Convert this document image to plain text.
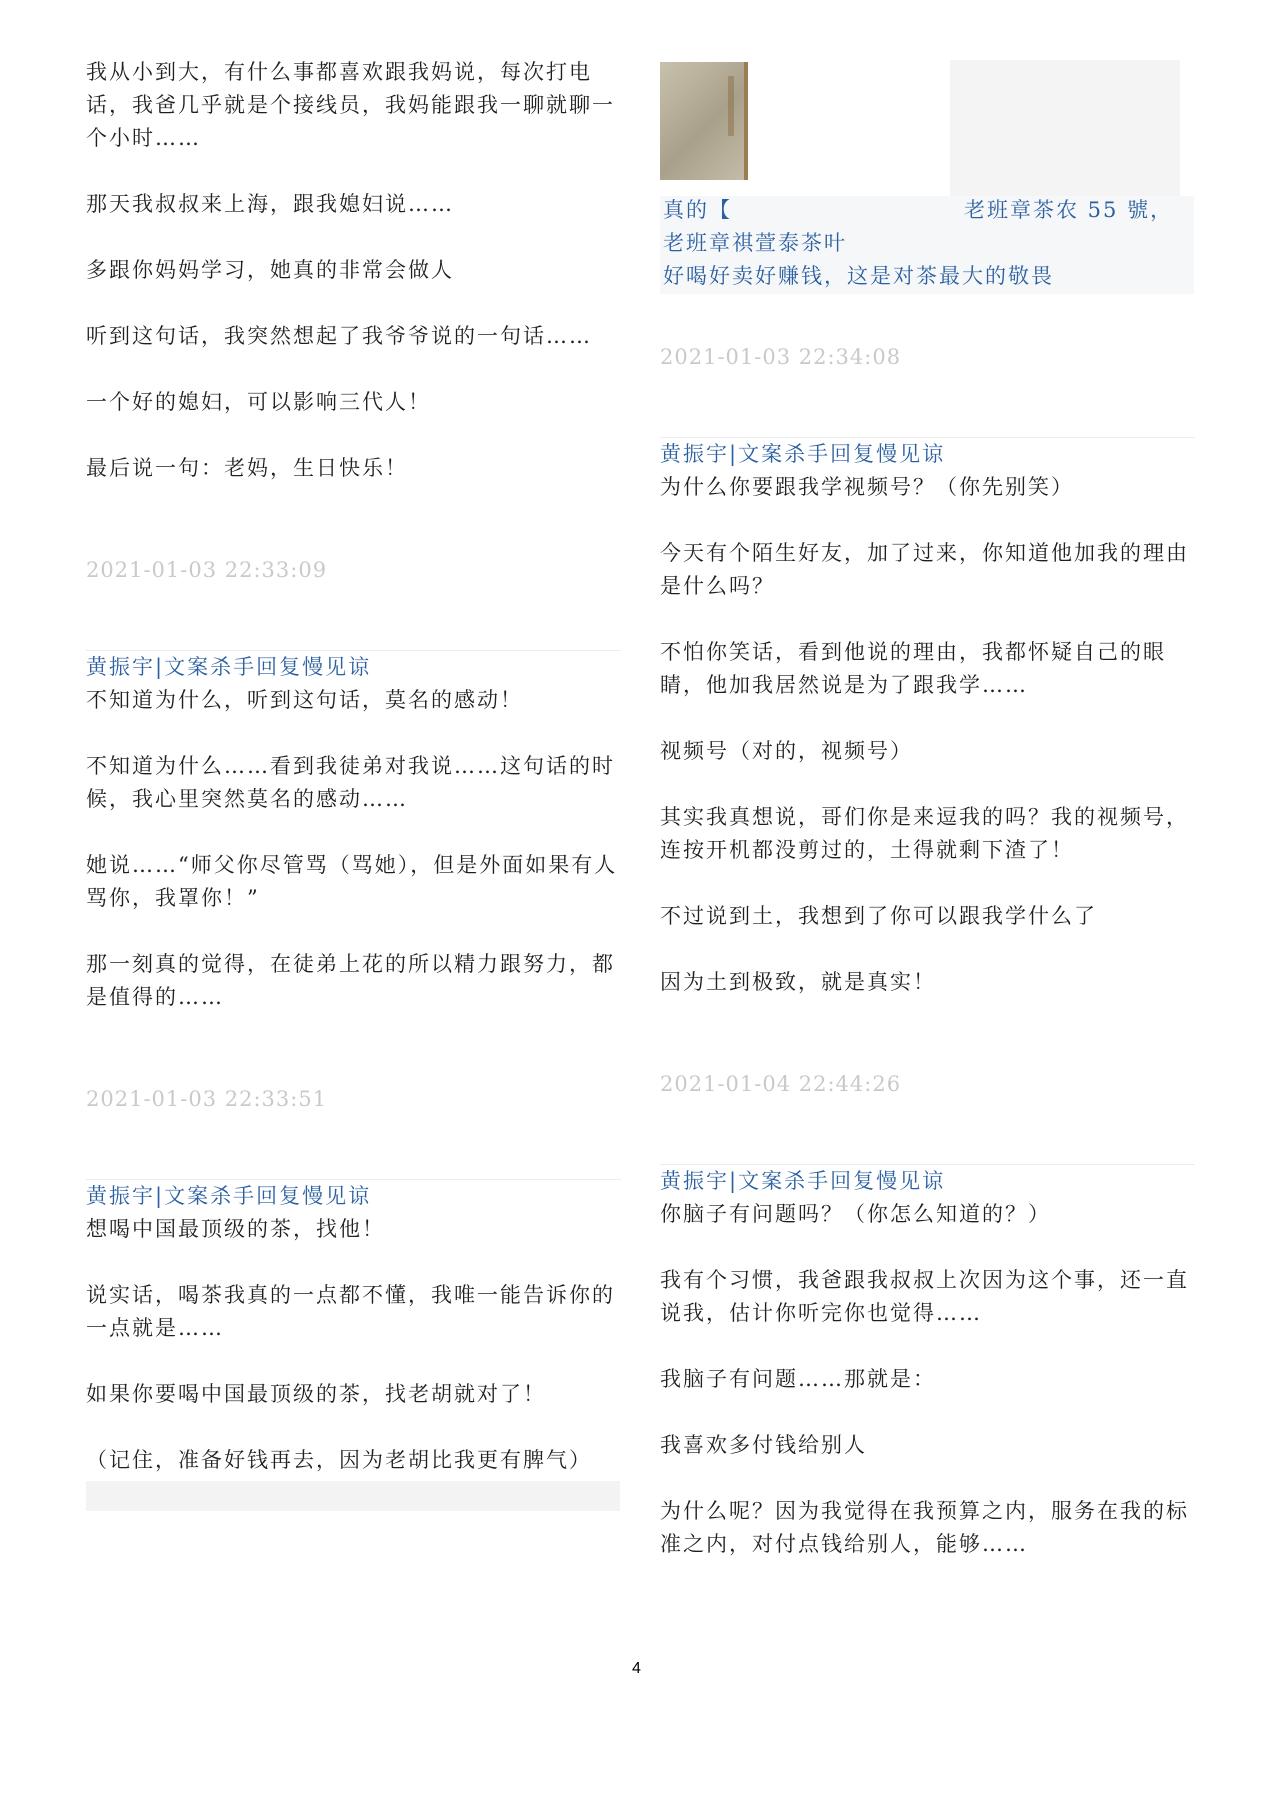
我从小到大，有什么事都喜欢跟我妈说，每次打电话，我爸几乎就是个接线员，我妈能跟我一聊就聊一个小时……

那天我叔叔来上海，跟我媳妇说……

多跟你妈妈学习，她真的非常会做人

听到这句话，我突然想起了我爷爷说的一句话……

一个好的媳妇，可以影响三代人！

最后说一句：老妈，生日快乐！

2021-01-03 22:33:09

黄振宇|文案杀手回复慢见谅

不知道为什么，听到这句话，莫名的感动！

不知道为什么……看到我徒弟对我说……这句话的时候，我心里突然莫名的感动……

她说……“师父你尽管骂（骂她），但是外面如果有人骂你，我罩你！”

那一刻真的觉得，在徒弟上花的所以精力跟努力，都是值得的……

2021-01-03 22:33:51

黄振宇|文案杀手回复慢见谅

想喝中国最顶级的茶，找他！

说实话，喝茶我真的一点都不懂，我唯一能告诉你的一点就是……

如果你要喝中国最顶级的茶，找老胡就对了！

（记住，准备好钱再去，因为老胡比我更有脾气）

真的【	老班章茶农 55 號，
老班章祺萱泰茶叶
好喝好卖好赚钱，这是对茶最大的敬畏
2021-01-03 22:34:08

黄振宇|文案杀手回复慢见谅

为什么你要跟我学视频号？（你先别笑）

今天有个陌生好友，加了过来，你知道他加我的理由是什么吗？

不怕你笑话，看到他说的理由，我都怀疑自己的眼睛，他加我居然说是为了跟我学……

视频号（对的，视频号）

其实我真想说，哥们你是来逗我的吗？我的视频号，连按开机都没剪过的，土得就剩下渣了！

不过说到土，我想到了你可以跟我学什么了

因为土到极致，就是真实！

2021-01-04 22:44:26

黄振宇|文案杀手回复慢见谅

你脑子有问题吗？（你怎么知道的？）

我有个习惯，我爸跟我叔叔上次因为这个事，还一直说我，估计你听完你也觉得……

我脑子有问题……那就是：

我喜欢多付钱给别人

为什么呢？因为我觉得在我预算之内，服务在我的标准之内，对付点钱给别人，能够……

4
